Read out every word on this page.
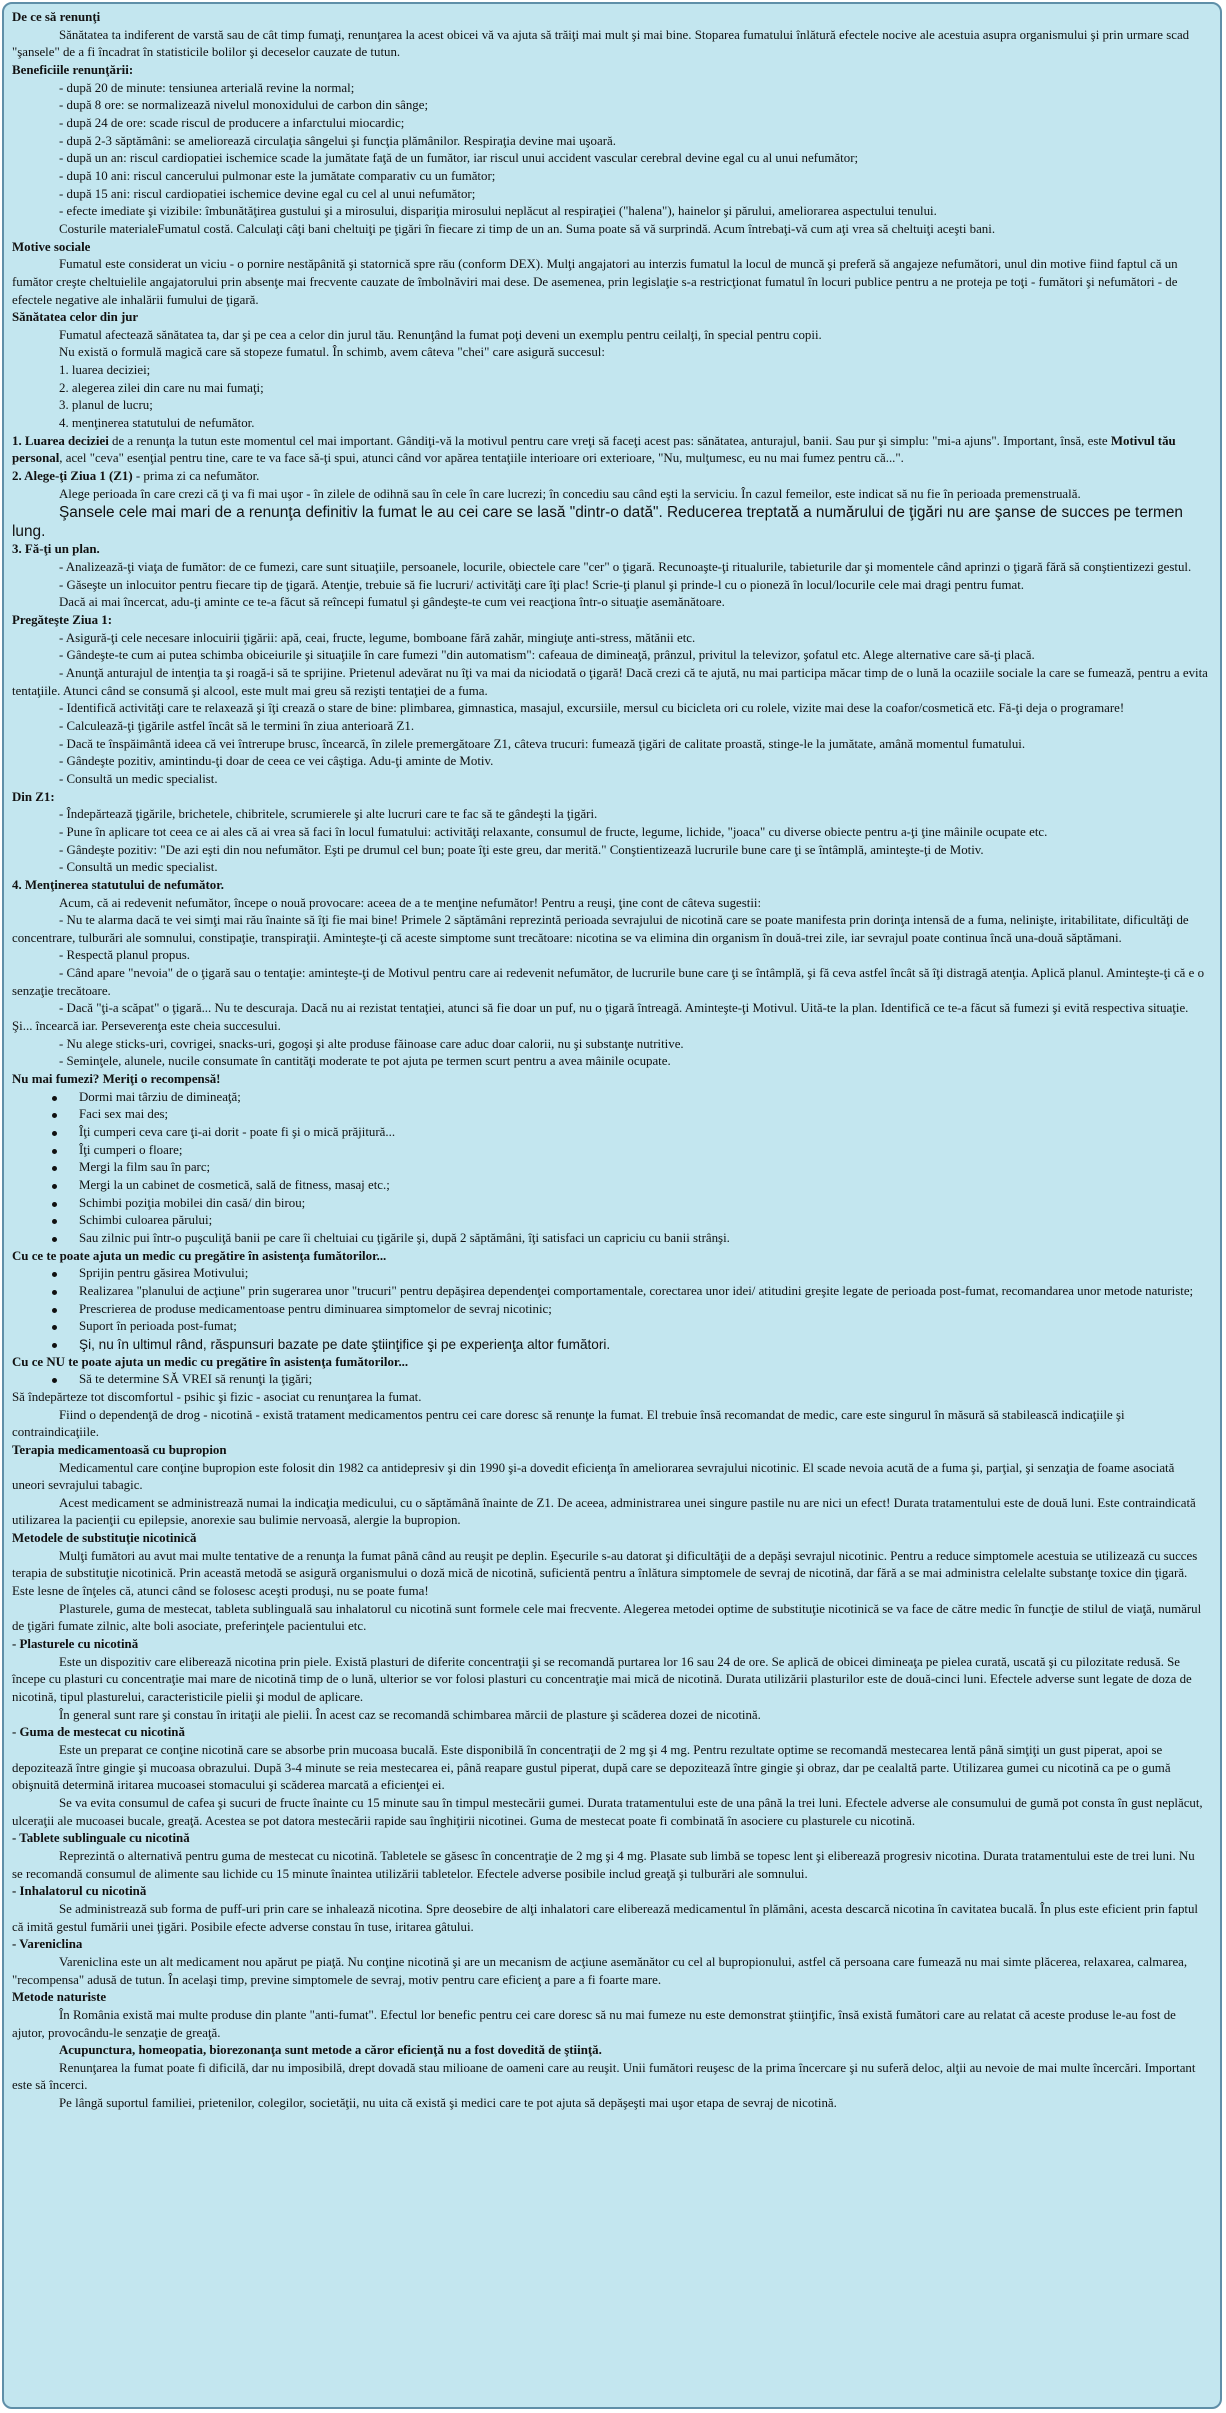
De ce să renunţi

Sănătatea ta indiferent de varstă sau de cât timp fumaţi, renunţarea la acest obicei vă va ajuta să trăiţi mai mult şi mai bine. Stoparea fumatului înlătură efectele nocive ale acestuia asupra organismului şi prin urmare scad "şansele" de a fi încadrat în statisticile bolilor şi deceselor cauzate de tutun.

Beneficiile renunţării:

- după 20 de minute: tensiunea arterială revine la normal;

- după 8 ore: se normalizează nivelul monoxidului de carbon din sânge;

- după 24 de ore: scade riscul de producere a infarctului miocardic;

- după 2-3 săptămâni: se ameliorează circulaţia sângelui şi funcţia plămânilor. Respiraţia devine mai uşoară.

- după un an: riscul cardiopatiei ischemice scade la jumătate faţă de un fumător, iar riscul unui accident vascular cerebral devine egal cu al unui nefumător;

- după 10 ani: riscul cancerului pulmonar este la jumătate comparativ cu un fumător;

- după 15 ani: riscul cardiopatiei ischemice devine egal cu cel al unui nefumător;

- efecte imediate şi vizibile: îmbunătăţirea gustului şi a mirosului, dispariţia mirosului neplăcut al respiraţiei ("halena"), hainelor şi părului, ameliorarea aspectului tenului.

Costurile materialeFumatul costă. Calculaţi câţi bani cheltuiţi pe ţigări în fiecare zi timp de un an. Suma poate să vă surprindă. Acum întrebaţi-vă cum aţi vrea să cheltuiţi aceşti bani.

Motive sociale

Fumatul este considerat un viciu - o pornire nestăpânită şi statornică spre rău (conform DEX). Mulţi angajatori au interzis fumatul la locul de muncă şi preferă să angajeze nefumători, unul din motive fiind faptul că un fumător creşte cheltuielile angajatorului prin absenţe mai frecvente cauzate de îmbolnăviri mai dese. De asemenea, prin legislaţie s-a restricţionat fumatul în locuri publice pentru a ne proteja pe toţi - fumători şi nefumători - de efectele negative ale inhalării fumului de ţigară.

Sănătatea celor din jur

Fumatul afectează sănătatea ta, dar şi pe cea a celor din jurul tău. Renunţând la fumat poţi deveni un exemplu pentru ceilalţi, în special pentru copii.

Nu există o formulă magică care să stopeze fumatul. În schimb, avem câteva "chei" care asigură succesul:

1. luarea deciziei;

2. alegerea zilei din care nu mai fumaţi;

3. planul de lucru;

4. menţinerea statutului de nefumător.

1. Luarea deciziei de a renunţa la tutun este momentul cel mai important. Gândiţi-vă la motivul pentru care vreţi să faceţi acest pas: sănătatea, anturajul, banii. Sau pur şi simplu: "mi-a ajuns". Important, însă, este Motivul tău personal, acel "ceva" esenţial pentru tine, care te va face să-ţi spui, atunci când vor apărea tentaţiile interioare ori exterioare, "Nu, mulţumesc, eu nu mai fumez pentru că...".

2. Alege-ţi Ziua 1 (Z1) - prima zi ca nefumător.

Alege perioada în care crezi că ţi va fi mai uşor - în zilele de odihnă sau în cele în care lucrezi; în concediu sau când eşti la serviciu. În cazul femeilor, este indicat să nu fie în perioada premenstruală.

Şansele cele mai mari de a renunţa definitiv la fumat le au cei care se lasă "dintr-o dată". Reducerea treptată a numărului de ţigări nu are şanse de succes pe termen lung.

3. Fă-ţi un plan.

- Analizează-ţi viaţa de fumător: de ce fumezi, care sunt situaţiile, persoanele, locurile, obiectele care "cer" o ţigară. Recunoaşte-ţi ritualurile, tabieturile dar şi momentele când aprinzi o ţigară fără să conştientizezi gestul.

- Găseşte un inlocuitor pentru fiecare tip de ţigară. Atenţie, trebuie să fie lucruri/ activităţi care îţi plac! Scrie-ţi planul şi prinde-l cu o pioneză în locul/locurile cele mai dragi pentru fumat.

Dacă ai mai încercat, adu-ţi aminte ce te-a făcut să reîncepi fumatul şi gândeşte-te cum vei reacţiona într-o situaţie asemănătoare.

Pregăteşte Ziua 1:

- Asigură-ţi cele necesare inlocuirii ţigării: apă, ceai, fructe, legume, bomboane fără zahăr, mingiuţe anti-stress, mătănii etc.

- Gândeşte-te cum ai putea schimba obiceiurile şi situaţiile în care fumezi "din automatism": cafeaua de dimineaţă, prânzul, privitul la televizor, şofatul etc. Alege alternative care să-ţi placă.

- Anunţă anturajul de intenţia ta şi roagă-i să te sprijine. Prietenul adevărat nu îţi va mai da niciodată o ţigară! Dacă crezi că te ajută, nu mai participa măcar timp de o lună la ocaziile sociale la care se fumează, pentru a evita tentaţiile. Atunci când se consumă şi alcool, este mult mai greu să rezişti tentaţiei de a fuma.

- Identifică activităţi care te relaxează şi îţi crează o stare de bine: plimbarea, gimnastica, masajul, excursiile, mersul cu bicicleta ori cu rolele, vizite mai dese la coafor/cosmetică etc. Fă-ţi deja o programare!

- Calculează-ţi ţigările astfel încât să le termini în ziua anterioară Z1.

- Dacă te înspăimântă ideea că vei întrerupe brusc, încearcă, în zilele premergătoare Z1, câteva trucuri: fumează ţigări de calitate proastă, stinge-le la jumătate, amână momentul fumatului.

- Gândeşte pozitiv, amintindu-ţi doar de ceea ce vei câştiga. Adu-ţi aminte de Motiv.

- Consultă un medic specialist.

Din Z1:

- Îndepărtează ţigările, brichetele, chibritele, scrumierele şi alte lucruri care te fac să te gândeşti la ţigări.

- Pune în aplicare tot ceea ce ai ales că ai vrea să faci în locul fumatului: activităţi relaxante, consumul de fructe, legume, lichide, "joaca" cu diverse obiecte pentru a-ţi ţine mâinile ocupate etc.

- Gândeşte pozitiv: "De azi eşti din nou nefumător. Eşti pe drumul cel bun; poate îţi este greu, dar merită." Conştientizează lucrurile bune care ţi se întâmplă, aminteşte-ţi de Motiv.

- Consultă un medic specialist.

4. Menţinerea statutului de nefumător.

Acum, că ai redevenit nefumător, începe o nouă provocare: aceea de a te menţine nefumător! Pentru a reuşi, ţine cont de câteva sugestii:

- Nu te alarma dacă te vei simţi mai rău înainte să îţi fie mai bine! Primele 2 săptămâni reprezintă perioada sevrajului de nicotină care se poate manifesta prin dorinţa intensă de a fuma, nelinişte, iritabilitate, dificultăţi de concentrare, tulburări ale somnului, constipaţie, transpiraţii. Aminteşte-ţi că aceste simptome sunt trecătoare: nicotina se va elimina din organism în două-trei zile, iar sevrajul poate continua încă una-două săptămani.

- Respectă planul propus.

- Când apare "nevoia" de o ţigară sau o tentaţie: aminteşte-ţi de Motivul pentru care ai redevenit nefumător, de lucrurile bune care ţi se întâmplă, şi fă ceva astfel încât să îţi distragă atenţia. Aplică planul. Aminteşte-ţi că e o senzaţie trecătoare.

- Dacă "ţi-a scăpat" o ţigară... Nu te descuraja. Dacă nu ai rezistat tentaţiei, atunci să fie doar un puf, nu o ţigară întreagă. Aminteşte-ţi Motivul. Uită-te la plan. Identifică ce te-a făcut să fumezi şi evită respectiva situaţie. Şi... încearcă iar. Perseverenţa este cheia succesului.

- Nu alege sticks-uri, covrigei, snacks-uri, gogoşi şi alte produse făinoase care aduc doar calorii, nu şi substanţe nutritive.

- Seminţele, alunele, nucile consumate în cantităţi moderate te pot ajuta pe termen scurt pentru a avea mâinile ocupate.

Nu mai fumezi? Meriţi o recompensă!

Dormi mai târziu de dimineaţă;
Faci sex mai des;
Îţi cumperi ceva care ţi-ai dorit - poate fi şi o mică prăjitură...
Îţi cumperi o floare;
Mergi la film sau în parc;
Mergi la un cabinet de cosmetică, sală de fitness, masaj etc.;
Schimbi poziţia mobilei din casă/ din birou;
Schimbi culoarea părului;
Sau zilnic pui într-o puşculiţă banii pe care îi cheltuiai cu ţigările şi, după 2 săptămâni, îţi satisfaci un capriciu cu banii strânşi.

Cu ce te poate ajuta un medic cu pregătire în asistenţa fumătorilor...

Sprijin pentru găsirea Motivului;
Realizarea "planului de acţiune" prin sugerarea unor "trucuri" pentru depăşirea dependenţei comportamentale, corectarea unor idei/ atitudini greşite legate de perioada post-fumat, recomandarea unor metode naturiste;
Prescrierea de produse medicamentoase pentru diminuarea simptomelor de sevraj nicotinic;
Suport în perioada post-fumat;
Şi, nu în ultimul rând, răspunsuri bazate pe date ştiinţifice şi pe experienţa altor fumători.

Cu ce NU te poate ajuta un medic cu pregătire în asistenţa fumătorilor...

Să te determine SĂ VREI să renunţi la ţigări;

Să îndepărteze tot discomfortul - psihic şi fizic - asociat cu renunţarea la fumat.

Fiind o dependenţă de drog - nicotină - există tratament medicamentos pentru cei care doresc să renunţe la fumat. El trebuie însă recomandat de medic, care este singurul în măsură să stabilească indicaţiile şi contraindicaţiile.

Terapia medicamentoasă cu bupropion

Medicamentul care conţine bupropion este folosit din 1982 ca antidepresiv şi din 1990 şi-a dovedit eficienţa în ameliorarea sevrajului nicotinic. El scade nevoia acută de a fuma şi, parţial, şi senzaţia de foame asociată uneori sevrajului tabagic.

Acest medicament se administrează numai la indicaţia medicului, cu o săptămână înainte de Z1. De aceea, administrarea unei singure pastile nu are nici un efect! Durata tratamentului este de două luni. Este contraindicată utilizarea la pacienţii cu epilepsie, anorexie sau bulimie nervoasă, alergie la bupropion.

Metodele de substituţie nicotinică

Mulţi fumători au avut mai multe tentative de a renunţa la fumat până când au reuşit pe deplin. Eşecurile s-au datorat şi dificultăţii de a depăşi sevrajul nicotinic. Pentru a reduce simptomele acestuia se utilizează cu succes terapia de substituţie nicotinică. Prin această metodă se asigură organismului o doză mică de nicotină, suficientă pentru a înlătura simptomele de sevraj de nicotină, dar fără a se mai administra celelalte substanţe toxice din ţigară. Este lesne de înţeles că, atunci când se folosesc aceşti produşi, nu se poate fuma!

Plasturele, guma de mestecat, tableta sublinguală sau inhalatorul cu nicotină sunt formele cele mai frecvente. Alegerea metodei optime de substituţie nicotinică se va face de către medic în funcţie de stilul de viaţă, numărul de ţigări fumate zilnic, alte boli asociate, preferinţele pacientului etc.

- Plasturele cu nicotină

Este un dispozitiv care eliberează nicotina prin piele. Există plasturi de diferite concentraţii şi se recomandă purtarea lor 16 sau 24 de ore. Se aplică de obicei dimineaţa pe pielea curată, uscată şi cu pilozitate redusă. Se începe cu plasturi cu concentraţie mai mare de nicotină timp de o lună, ulterior se vor folosi plasturi cu concentraţie mai mică de nicotină. Durata utilizării plasturilor este de două-cinci luni. Efectele adverse sunt legate de doza de nicotină, tipul plasturelui, caracteristicile pielii şi modul de aplicare.

În general sunt rare şi constau în iritaţii ale pielii. În acest caz se recomandă schimbarea mărcii de plasture şi scăderea dozei de nicotină.

- Guma de mestecat cu nicotină

Este un preparat ce conţine nicotină care se absorbe prin mucoasa bucală. Este disponibilă în concentraţii de 2 mg şi 4 mg. Pentru rezultate optime se recomandă mestecarea lentă până simţiţi un gust piperat, apoi se depozitează între gingie şi mucoasa obrazului. După 3-4 minute se reia mestecarea ei, până reapare gustul piperat, după care se depozitează între gingie şi obraz, dar pe cealaltă parte. Utilizarea gumei cu nicotină ca pe o gumă obişnuită determină iritarea mucoasei stomacului şi scăderea marcată a eficienţei ei.

Se va evita consumul de cafea şi sucuri de fructe înainte cu 15 minute sau în timpul mestecării gumei. Durata tratamentului este de una până la trei luni. Efectele adverse ale consumului de gumă pot consta în gust neplăcut, ulceraţii ale mucoasei bucale, greaţă. Acestea se pot datora mestecării rapide sau înghiţirii nicotinei. Guma de mestecat poate fi combinată în asociere cu plasturele cu nicotină.

- Tablete sublinguale cu nicotină

Reprezintă o alternativă pentru guma de mestecat cu nicotină. Tabletele se găsesc în concentraţie de 2 mg şi 4 mg. Plasate sub limbă se topesc lent şi eliberează progresiv nicotina. Durata tratamentului este de trei luni. Nu se recomandă consumul de alimente sau lichide cu 15 minute înaintea utilizării tabletelor. Efectele adverse posibile includ greaţă şi tulburări ale somnului.

- Inhalatorul cu nicotină

Se administrează sub forma de puff-uri prin care se inhalează nicotina. Spre deosebire de alţi inhalatori care eliberează medicamentul în plămâni, acesta descarcă nicotina în cavitatea bucală. În plus este eficient prin faptul că imită gestul fumării unei ţigări. Posibile efecte adverse constau în tuse, iritarea gâtului.

- Vareniclina

Vareniclina este un alt medicament nou apărut pe piaţă. Nu conţine nicotină şi are un mecanism de acţiune asemănător cu cel al bupropionului, astfel că persoana care fumează nu mai simte plăcerea, relaxarea, calmarea, "recompensa" adusă de tutun. În acelaşi timp, previne simptomele de sevraj, motiv pentru care eficienţ a pare a fi foarte mare.

Metode naturiste

În România există mai multe produse din plante "anti-fumat". Efectul lor benefic pentru cei care doresc să nu mai fumeze nu este demonstrat ştiinţific, însă există fumători care au relatat că aceste produse le-au fost de ajutor, provocându-le senzaţie de greaţă.

Acupunctura, homeopatia, biorezonanţa sunt metode a căror eficienţă nu a fost dovedită de ştiinţă.

Renunţarea la fumat poate fi dificilă, dar nu imposibilă, drept dovadă stau milioane de oameni care au reuşit. Unii fumători reuşesc de la prima încercare şi nu suferă deloc, alţii au nevoie de mai multe încercări. Important este să încerci.

Pe lângă suportul familiei, prietenilor, colegilor, societăţii, nu uita că există şi medici care te pot ajuta să depăşeşti mai uşor etapa de sevraj de nicotină.
